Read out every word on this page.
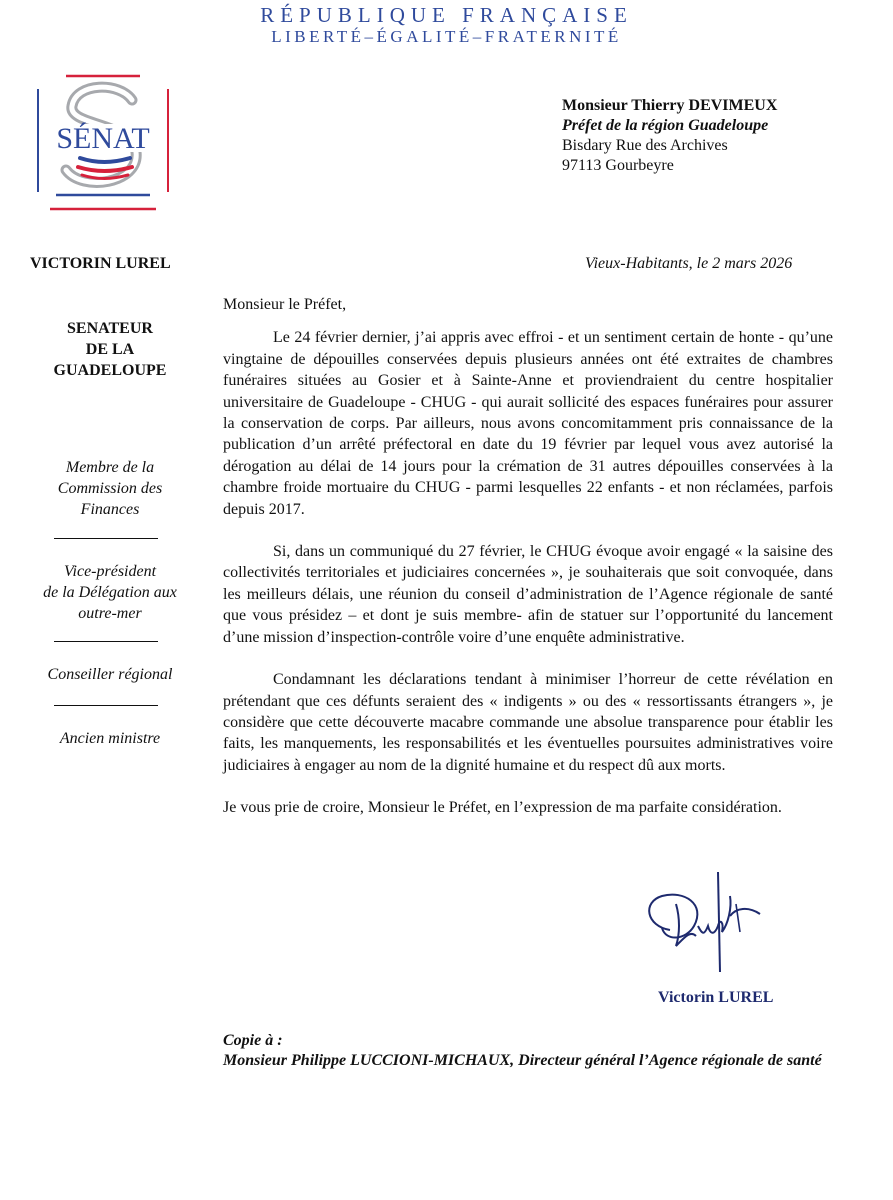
RÉPUBLIQUE FRANÇAISE
LIBERTÉ–ÉGALITÉ–FRATERNITÉ
SÉNAT
Monsieur Thierry DEVIMEUX
Préfet de la région Guadeloupe
Bisdary Rue des Archives
97113 Gourbeyre
VICTORIN LUREL	Vieux-Habitants, le 2 mars 2026
SENATEUR
DE LA
GUADELOUPE
Membre de la
Commission des
Finances
Vice-président
de la Délégation aux
outre-mer
Conseiller régional
Ancien ministre

Monsieur le Préfet,

Le 24 février dernier, j’ai appris avec effroi - et un sentiment certain de honte - qu’une vingtaine de dépouilles conservées depuis plusieurs années ont été extraites de chambres funéraires situées au Gosier et à Sainte-Anne et proviendraient du centre hospitalier universitaire de Guadeloupe - CHUG - qui aurait sollicité des espaces funéraires pour assurer la conservation de corps. Par ailleurs, nous avons concomitamment pris connaissance de la publication d’un arrêté préfectoral en date du 19 février par lequel vous avez autorisé la dérogation au délai de 14 jours pour la crémation de 31 autres dépouilles conservées à la chambre froide mortuaire du CHUG - parmi lesquelles 22 enfants - et non réclamées, parfois depuis 2017.

Si, dans un communiqué du 27 février, le CHUG évoque avoir engagé « la saisine des collectivités territoriales et judiciaires concernées », je souhaiterais que soit convoquée, dans les meilleurs délais, une réunion du conseil d’administration de l’Agence régionale de santé que vous présidez – et dont je suis membre- afin de statuer sur l’opportunité du lancement d’une mission d’inspection-contrôle voire d’une enquête administrative.

Condamnant les déclarations tendant à minimiser l’horreur de cette révélation en prétendant que ces défunts seraient des « indigents » ou des « ressortissants étrangers », je considère que cette découverte macabre commande une absolue transparence pour établir les faits, les manquements, les responsabilités et les éventuelles poursuites administratives voire judiciaires à engager au nom de la dignité humaine et du respect dû aux morts.

Je vous prie de croire, Monsieur le Préfet, en l’expression de ma parfaite considération.

Victorin LUREL
Copie à :
Monsieur Philippe LUCCIONI-MICHAUX, Directeur général l’Agence régionale de santé
